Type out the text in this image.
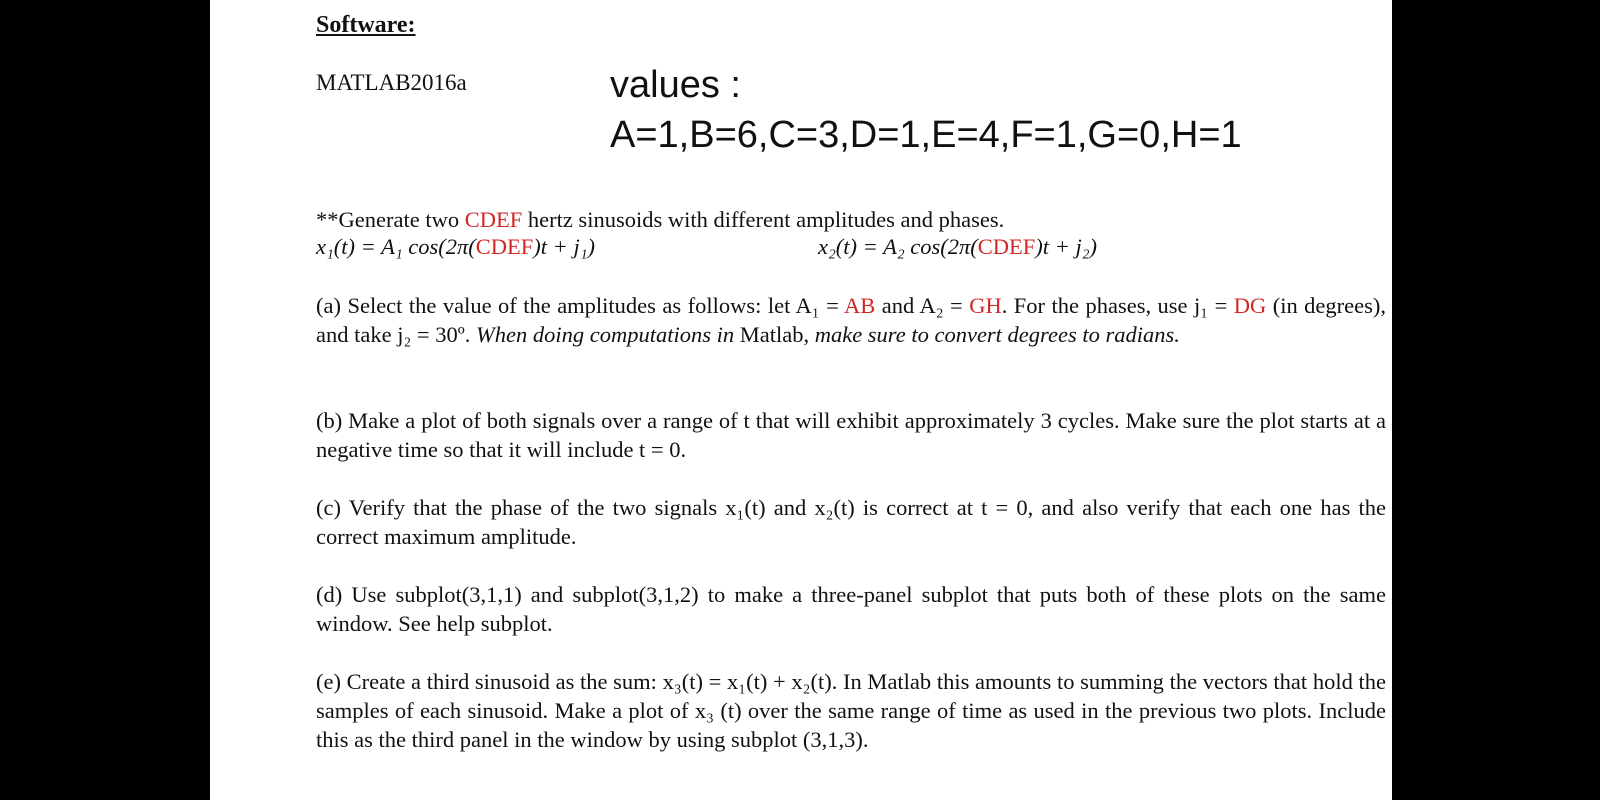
Software:
MATLAB2016a	values :
A=1,B=6,C=3,D=1,E=4,F=1,G=0,H=1
**Generate two CDEF hertz sinusoids with different amplitudes and phases.
x₁(t) = A₁ cos(2π(CDEF)t + j₁)	x₂(t) = A₂ cos(2π(CDEF)t + j₂)
(a) Select the value of the amplitudes as follows: let A₁ = AB and A₂ = GH. For the phases, use j₁ = DG (in degrees), and take j₂ = 30º. When doing computations in Matlab, make sure to convert degrees to radians.
(b) Make a plot of both signals over a range of t that will exhibit approximately 3 cycles. Make sure the plot starts at a negative time so that it will include t = 0.
(c) Verify that the phase of the two signals x₁(t) and x₂(t) is correct at t = 0, and also verify that each one has the correct maximum amplitude.
(d) Use subplot(3,1,1) and subplot(3,1,2) to make a three-panel subplot that puts both of these plots on the same window. See help subplot.
(e) Create a third sinusoid as the sum: x₃(t) = x₁(t) + x₂(t). In Matlab this amounts to summing the vectors that hold the samples of each sinusoid. Make a plot of x₃ (t) over the same range of time as used in the previous two plots. Include this as the third panel in the window by using subplot (3,1,3).
